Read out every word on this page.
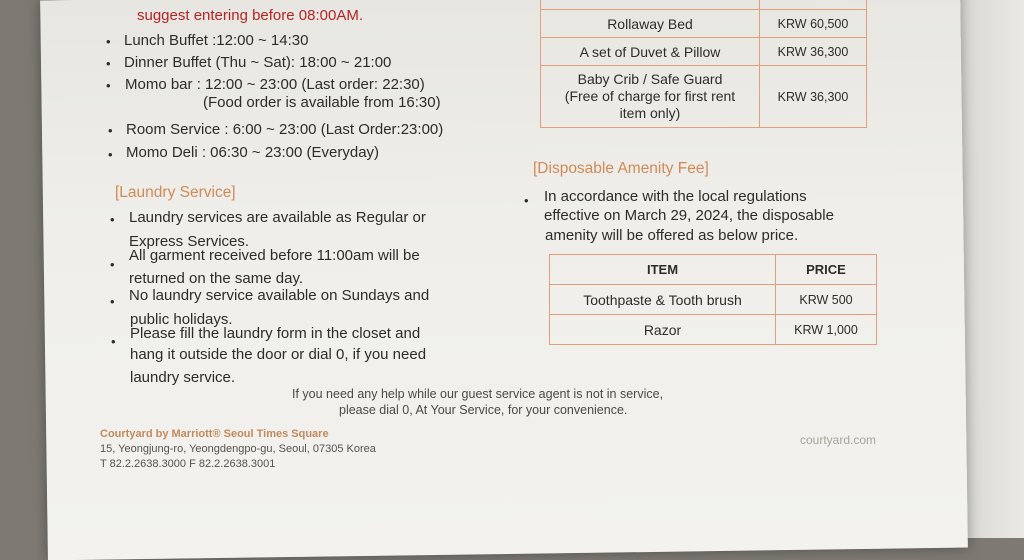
suggest entering before 08:00AM.
• Lunch Buffet :12:00 ~ 14:30
• Dinner Buffet (Thu ~ Sat): 18:00 ~ 21:00
• Momo bar : 12:00 ~ 23:00 (Last order: 22:30)
(Food order is available from 16:30)
• Room Service : 6:00 ~ 23:00 (Last Order:23:00)
• Momo Deli : 06:30 ~ 23:00 (Everyday)
[Laundry Service]
• Laundry services are available as Regular or
Express Services.
•
All garment received before 11:00am will be
returned on the same day.
• No laundry service available on Sundays and
public holidays.
• Please fill the laundry form in the closet and
hang it outside the door or dial 0, if you need
laundry service.

Rollaway Bed	KRW 60,500
A set of Duvet & Pillow	KRW 36,300

Baby Crib / Safe Guard
(Free of charge for first rent
item only)	KRW 36,300
[Disposable Amenity Fee]
• In accordance with the local regulations
effective on March 29, 2024, the disposable
amenity will be offered as below price.
ITEM	PRICE
Toothpaste & Tooth brush	KRW 500
Razor	KRW 1,000
If you need any help while our guest service agent is not in service,
please dial 0, At Your Service, for your convenience.
Courtyard by Marriott® Seoul Times Square
15, Yeongjung-ro, Yeongdengpo-gu, Seoul, 07305 Korea
T 82.2.2638.3000 F 82.2.2638.3001
courtyard.com
